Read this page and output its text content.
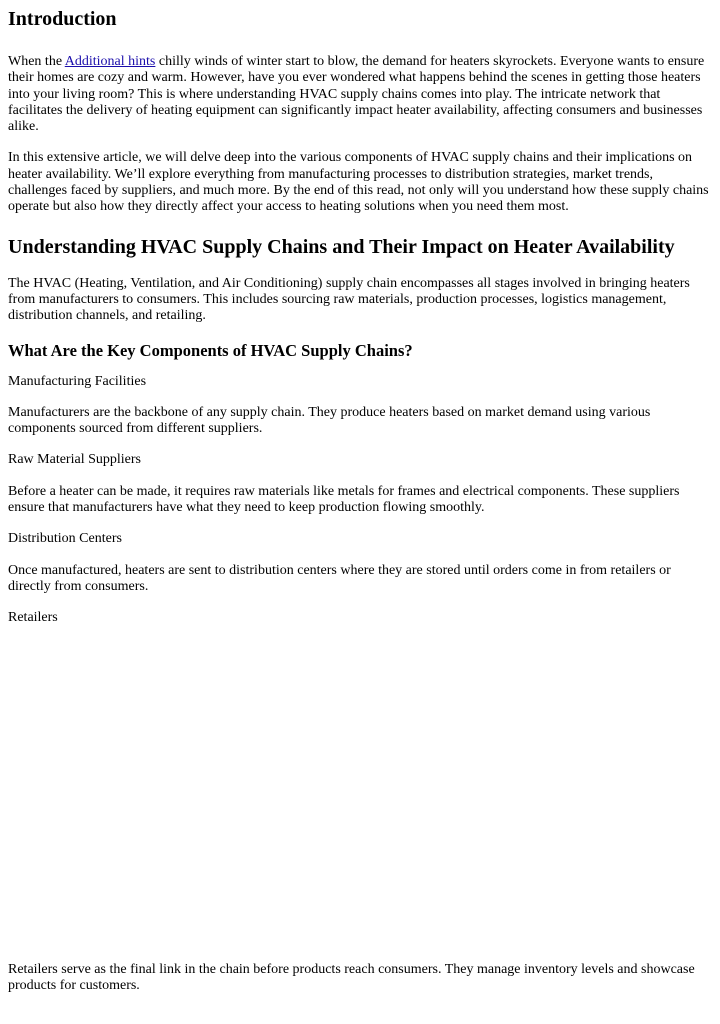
Introduction

When the Additional hints chilly winds of winter start to blow, the demand for heaters skyrockets. Everyone wants to ensure their homes are cozy and warm. However, have you ever wondered what happens behind the scenes in getting those heaters into your living room? This is where understanding HVAC supply chains comes into play. The intricate network that facilitates the delivery of heating equipment can significantly impact heater availability, affecting consumers and businesses alike.

In this extensive article, we will delve deep into the various components of HVAC supply chains and their implications on heater availability. We’ll explore everything from manufacturing processes to distribution strategies, market trends, challenges faced by suppliers, and much more. By the end of this read, not only will you understand how these supply chains operate but also how they directly affect your access to heating solutions when you need them most.

Understanding HVAC Supply Chains and Their Impact on Heater Availability

The HVAC (Heating, Ventilation, and Air Conditioning) supply chain encompasses all stages involved in bringing heaters from manufacturers to consumers. This includes sourcing raw materials, production processes, logistics management, distribution channels, and retailing.

What Are the Key Components of HVAC Supply Chains?

Manufacturing Facilities

Manufacturers are the backbone of any supply chain. They produce heaters based on market demand using various components sourced from different suppliers.

Raw Material Suppliers

Before a heater can be made, it requires raw materials like metals for frames and electrical components. These suppliers ensure that manufacturers have what they need to keep production flowing smoothly.

Distribution Centers

Once manufactured, heaters are sent to distribution centers where they are stored until orders come in from retailers or directly from consumers.

Retailers

Retailers serve as the final link in the chain before products reach consumers. They manage inventory levels and showcase products for customers.
